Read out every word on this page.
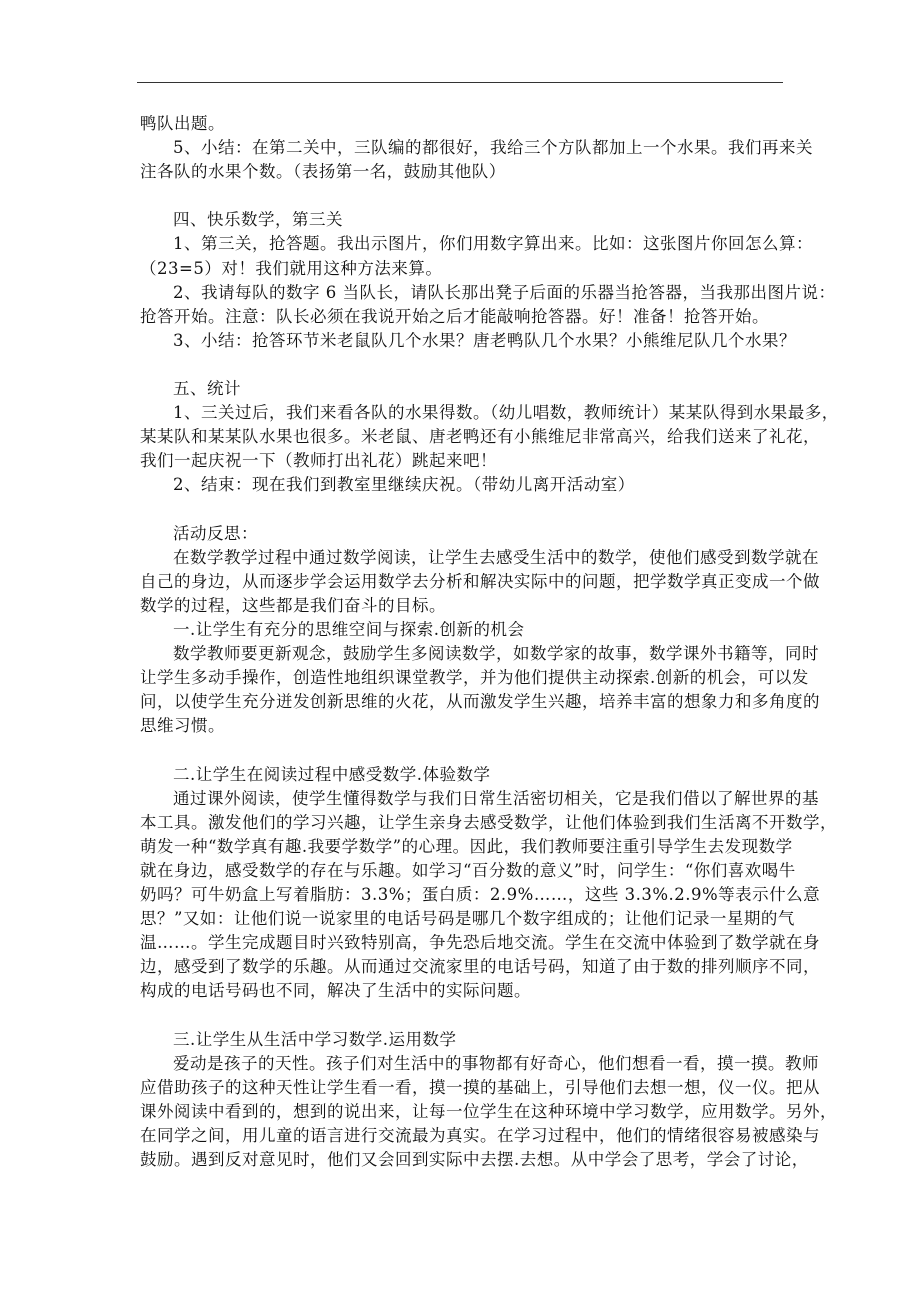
鸭队出题。
5、小结：在第二关中，三队编的都很好，我给三个方队都加上一个水果。我们再来关
注各队的水果个数。（表扬第一名，鼓励其他队）
四、快乐数学，第三关
1、第三关，抢答题。我出示图片，你们用数字算出来。比如：这张图片你回怎么算：
（23=5）对！我们就用这种方法来算。
2、我请每队的数字 6 当队长，请队长那出凳子后面的乐器当抢答器，当我那出图片说：
抢答开始。注意：队长必须在我说开始之后才能敲响抢答器。好！准备！抢答开始。
3、小结：抢答环节米老鼠队几个水果？唐老鸭队几个水果？小熊维尼队几个水果？
五、统计
1、三关过后，我们来看各队的水果得数。（幼儿唱数，教师统计）某某队得到水果最多，
某某队和某某队水果也很多。米老鼠、唐老鸭还有小熊维尼非常高兴，给我们送来了礼花，
我们一起庆祝一下（教师打出礼花）跳起来吧！
2、结束：现在我们到教室里继续庆祝。（带幼儿离开活动室）
活动反思：
在数学教学过程中通过数学阅读，让学生去感受生活中的数学，使他们感受到数学就在
自己的身边，从而逐步学会运用数学去分析和解决实际中的问题，把学数学真正变成一个做
数学的过程，这些都是我们奋斗的目标。
一.让学生有充分的思维空间与探索.创新的机会
数学教师要更新观念，鼓励学生多阅读数学，如数学家的故事，数学课外书籍等，同时
让学生多动手操作，创造性地组织课堂教学，并为他们提供主动探索.创新的机会，可以发
问，以使学生充分迸发创新思维的火花，从而激发学生兴趣，培养丰富的想象力和多角度的
思维习惯。
二.让学生在阅读过程中感受数学.体验数学
通过课外阅读，使学生懂得数学与我们日常生活密切相关，它是我们借以了解世界的基
本工具。激发他们的学习兴趣，让学生亲身去感受数学，让他们体验到我们生活离不开数学，
萌发一种“数学真有趣.我要学数学”的心理。因此，我们教师要注重引导学生去发现数学
就在身边，感受数学的存在与乐趣。如学习“百分数的意义”时，问学生：“你们喜欢喝牛
奶吗？可牛奶盒上写着脂肪：3.3%；蛋白质：2.9%……，这些 3.3%.2.9%等表示什么意
思？”又如：让他们说一说家里的电话号码是哪几个数字组成的；让他们记录一星期的气
温……。学生完成题目时兴致特别高，争先恐后地交流。学生在交流中体验到了数学就在身
边，感受到了数学的乐趣。从而通过交流家里的电话号码，知道了由于数的排列顺序不同，
构成的电话号码也不同，解决了生活中的实际问题。
三.让学生从生活中学习数学.运用数学
爱动是孩子的天性。孩子们对生活中的事物都有好奇心，他们想看一看，摸一摸。教师
应借助孩子的这种天性让学生看一看，摸一摸的基础上，引导他们去想一想，仪一仪。把从
课外阅读中看到的，想到的说出来，让每一位学生在这种环境中学习数学，应用数学。另外，
在同学之间，用儿童的语言进行交流最为真实。在学习过程中，他们的情绪很容易被感染与
鼓励。遇到反对意见时，他们又会回到实际中去摆.去想。从中学会了思考，学会了讨论，
